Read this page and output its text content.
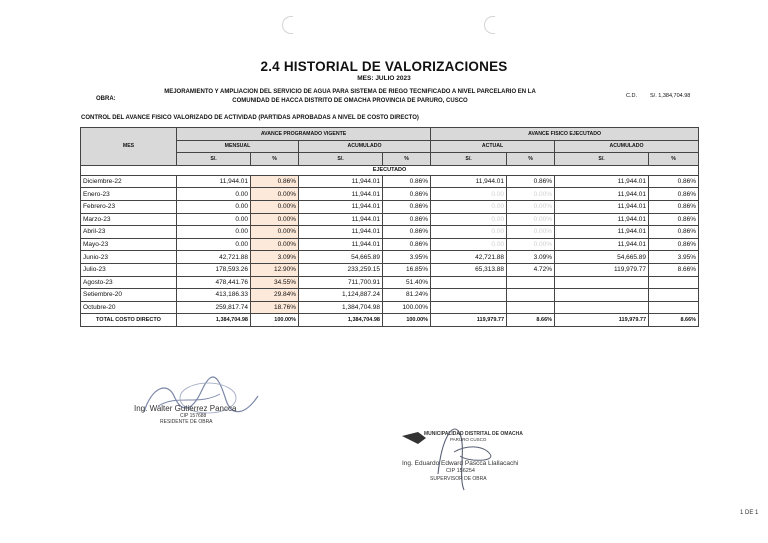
2.4 HISTORIAL DE VALORIZACIONES
MES: JULIO 2023
OBRA:
MEJORAMIENTO Y AMPLIACION DEL SERVICIO DE AGUA PARA SISTEMA DE RIEGO TECNIFICADO A NIVEL PARCELARIO EN LA
COMUNIDAD DE HACCA DISTRITO DE OMACHA PROVINCIA DE PARURO, CUSCO
C.D. S/. 1,384,704.98
CONTROL DEL AVANCE FISICO VALORIZADO DE ACTIVIDAD (PARTIDAS APROBADAS A NIVEL DE COSTO DIRECTO)
MES	AVANCE PROGRAMADO VIGENTE				AVANCE FISICO EJECUTADO			
	MENSUAL		ACUMULADO		ACTUAL		ACUMULADO	
	S/.	%	S/.	%	S/.	%	S/.	%
EJECUTADO								
Diciembre-22	11,944.01	0.86%	11,944.01	0.86%	11,944.01	0.86%	11,944.01	0.86%
Enero-23	0.00	0.00%	11,944.01	0.86%	0.00	0.00%	11,944.01	0.86%
Febrero-23	0.00	0.00%	11,944.01	0.86%	0.00	0.00%	11,944.01	0.86%
Marzo-23	0.00	0.00%	11,944.01	0.86%	0.00	0.00%	11,944.01	0.86%
Abril-23	0.00	0.00%	11,944.01	0.86%	0.00	0.00%	11,944.01	0.86%
Mayo-23	0.00	0.00%	11,944.01	0.86%	0.00	0.00%	11,944.01	0.86%
Junio-23	42,721.88	3.09%	54,665.89	3.95%	42,721.88	3.09%	54,665.89	3.95%
Julio-23	178,593.26	12.90%	233,259.15	16.85%	65,313.88	4.72%	119,979.77	8.66%
Agosto-23	478,441.76	34.55%	711,700.91	51.40%				
Setiembre-20	413,186.33	29.84%	1,124,887.24	81.24%				
Octubre-20	259,817.74	18.76%	1,384,704.98	100.00%				
TOTAL COSTO DIRECTO	1,384,704.98	100.00%	1,384,704.98	100.00%	119,979.77	8.66%	119,979.77	8.66%
Ing. Walter Gutierrez Pancca
CIP 157688
RESIDENTE DE OBRA
MUNICIPALIDAD DISTRITAL DE OMACHA
PARURO CUSCO
Ing. Eduardo Edward Pascca Llallacachi
CIP 156254
SUPERVISOR DE OBRA
1 DE 1
